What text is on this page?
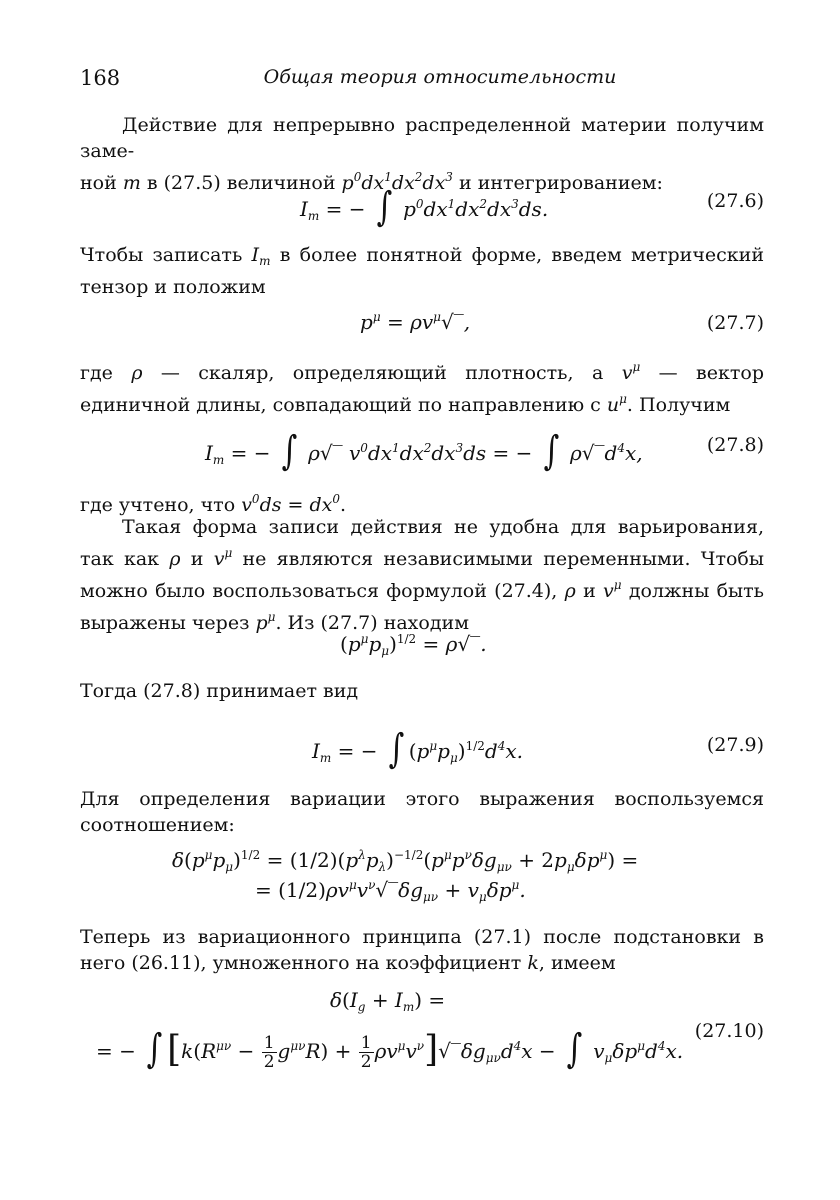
168	Общая теория относительности
Действие для непрерывно распределенной материи получим заме-
ной m в (27.5) величиной $p^0dx^1dx^2dx^3$ и интегрированием:
$I_m$ = − ∫ $p^0dx^1dx^2dx^3ds$.	(27.6)
Чтобы записать $I_m$ в более понятной форме, введем метрический тензор и положим
$p^\mu$ = $\rho v^\mu√‾$,	(27.7)
где ρ — скаляр, определяющий плотность, а $v^\mu$ — вектор единичной длины, совпадающий по направлению с $u^\mu$. Получим
$I_m$ = − ∫ ρ√‾ $v^0dx^1dx^2dx^3ds$ = − ∫ $\rho√‾d^4x$,	(27.8)
где учтено, что $v^0ds = dx^0$.
Такая форма записи действия не удобна для варьирования, так как ρ и $v^\mu$ не являются независимыми переменными. Чтобы можно было воспользоваться формулой (27.4), ρ и $v^\mu$ должны быть выражены через $p^\mu$. Из (27.7) находим
$(p^\mu p_\mu)^{1/2}$ = ρ√‾.
Тогда (27.8) принимает вид
$I_m$ = − ∫ $(p^\mu p_\mu)^{1/2}d^4x$.	(27.9)
Для определения вариации этого выражения воспользуемся соотношением:
$\delta(p^\mu p_\mu)^{1/2} = (1/2)(p^\lambda p_\lambda)^{-1/2}(p^\mu p^\nu\delta g_{\mu\nu} + 2p_\mu\delta p^\mu)$ =
= $(1/2)\rho v^\mu v^\nu√‾\delta g_{\mu\nu} + v_\mu\delta p^\mu$.
Теперь из вариационного принципа (27.1) после подстановки в него (26.11), умноженного на коэффициент k, имеем
$\delta(I_g + I_m)$ =
= − ∫ [$k(R^{\mu\nu} - \frac{1}{2} g^{\mu\nu}R) + \frac{1}{2}$ $\rho v^\mu v^\nu]√‾\delta g_{\mu\nu}d^4x$ − ∫ $v_\mu\delta p^\mu d^4x$.
(27.10)
